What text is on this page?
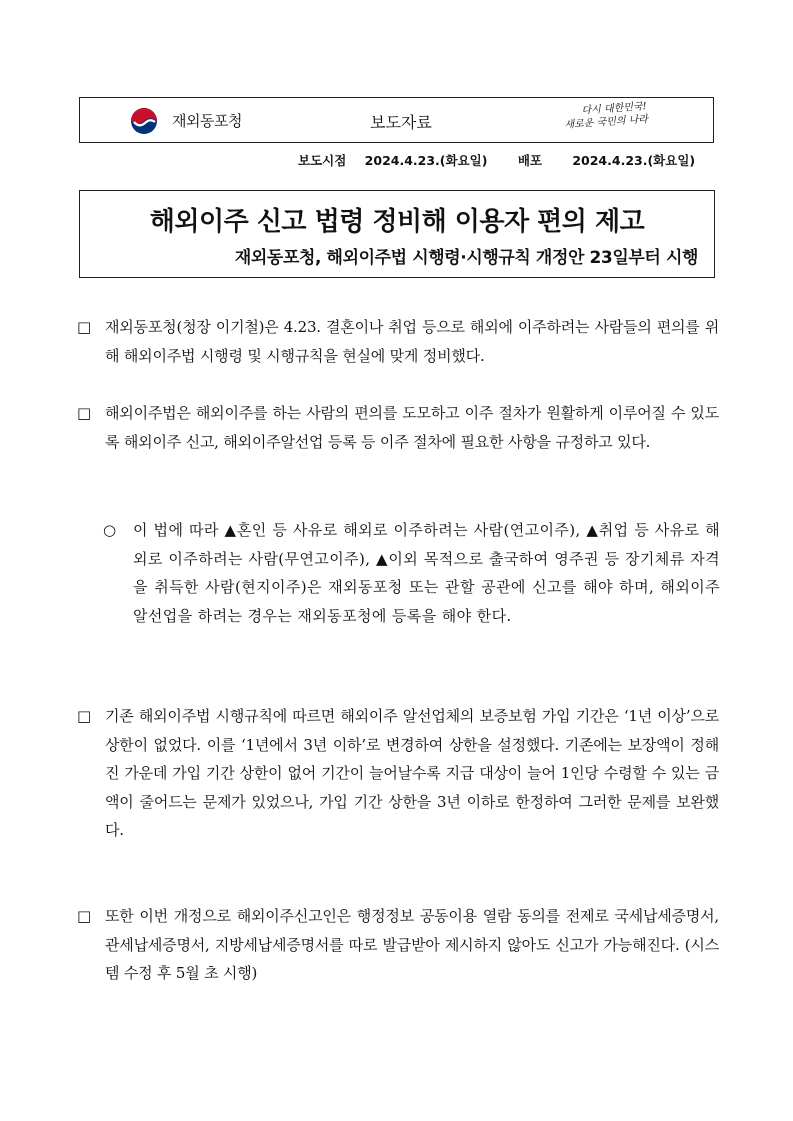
재외동포청	보도자료
다시 대한민국!
새로운 국민의 나라
보도시점 2024.4.23.(화요일) 배포 2024.4.23.(화요일)
해외이주 신고 법령 정비해 이용자 편의 제고
재외동포청, 해외이주법 시행령·시행규칙 개정안 23일부터 시행
□ 재외동포청(청장 이기철)은 4.23. 결혼이나 취업 등으로 해외에 이주하려는 사람들의 편의를 위해 해외이주법 시행령 및 시행규칙을 현실에 맞게 정비했다.
□ 해외이주법은 해외이주를 하는 사람의 편의를 도모하고 이주 절차가 원활하게 이루어질 수 있도록 해외이주 신고, 해외이주알선업 등록 등 이주 절차에 필요한 사항을 규정하고 있다.
○	이 법에 따라 ▲혼인 등 사유로 해외로 이주하려는 사람(연고이주), ▲취업 등 사유로 해외로 이주하려는 사람(무연고이주), ▲이외 목적으로 출국하여 영주권 등 장기체류 자격을 취득한 사람(현지이주)은 재외동포청 또는 관할 공관에 신고를 해야 하며, 해외이주알선업을 하려는 경우는 재외동포청에 등록을 해야 한다.
□ 기존 해외이주법 시행규칙에 따르면 해외이주 알선업체의 보증보험 가입 기간은 ‘1년 이상’으로 상한이 없었다. 이를 ‘1년에서 3년 이하’로 변경하여 상한을 설정했다. 기존에는 보장액이 정해진 가운데 가입 기간 상한이 없어 기간이 늘어날수록 지급 대상이 늘어 1인당 수령할 수 있는 금액이 줄어드는 문제가 있었으나, 가입 기간 상한을 3년 이하로 한정하여 그러한 문제를 보완했다.
□ 또한 이번 개정으로 해외이주신고인은 행정정보 공동이용 열람 동의를 전제로 국세납세증명서, 관세납세증명서, 지방세납세증명서를 따로 발급받아 제시하지 않아도 신고가 가능해진다. (시스템 수정 후 5월 초 시행)
